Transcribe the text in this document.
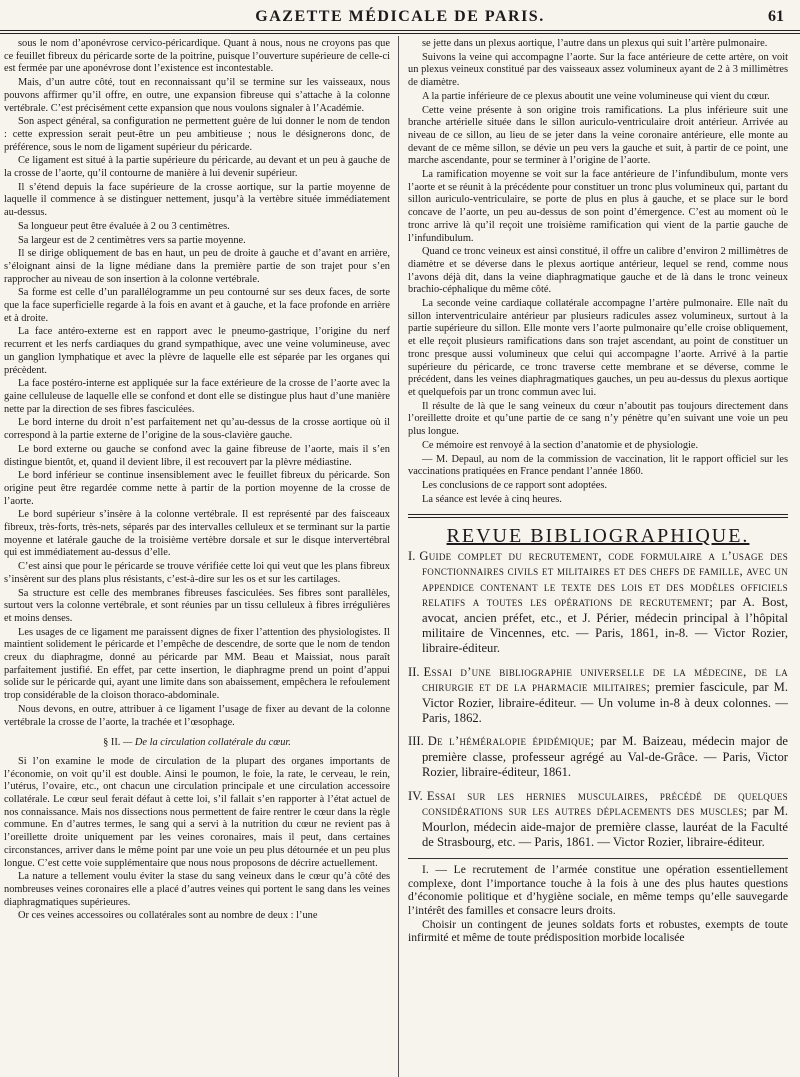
GAZETTE MÉDICALE DE PARIS.	61

sous le nom d’aponévrose cervico-péricardique. Quant à nous, nous ne croyons pas que ce feuillet fibreux du péricarde sorte de la poitrine, puisque l’ouverture supérieure de celle-ci est fermée par une aponévrose dont l’existence est incontestable.

Mais, d’un autre côté, tout en reconnaissant qu’il se termine sur les vaisseaux, nous pouvons affirmer qu’il offre, en outre, une expansion fibreuse qui s’attache à la colonne vertébrale. C’est précisément cette expansion que nous voulons signaler à l’Académie.

Son aspect général, sa configuration ne permettent guère de lui donner le nom de tendon : cette expression serait peut-être un peu ambitieuse ; nous le désignerons donc, de préférence, sous le nom de ligament supérieur du péricarde.

Ce ligament est situé à la partie supérieure du péricarde, au devant et un peu à gauche de la crosse de l’aorte, qu’il contourne de manière à lui devenir supérieur.

Il s’étend depuis la face supérieure de la crosse aortique, sur la partie moyenne de laquelle il commence à se distinguer nettement, jusqu’à la vertèbre située immédiatement au-dessus.

Sa longueur peut être évaluée à 2 ou 3 centimètres.

Sa largeur est de 2 centimètres vers sa partie moyenne.

Il se dirige obliquement de bas en haut, un peu de droite à gauche et d’avant en arrière, s’éloignant ainsi de la ligne médiane dans la première partie de son trajet pour s’en rapprocher au niveau de son insertion à la colonne vertébrale.

Sa forme est celle d’un parallélogramme un peu contourné sur ses deux faces, de sorte que la face superficielle regarde à la fois en avant et à gauche, et la face profonde en arrière et à droite.

La face antéro-externe est en rapport avec le pneumo-gastrique, l’origine du nerf recurrent et les nerfs cardiaques du grand sympathique, avec une veine volumineuse, avec un ganglion lymphatique et avec la plèvre de laquelle elle est séparée par les organes qui précèdent.

La face postéro-interne est appliquée sur la face extérieure de la crosse de l’aorte avec la gaine celluleuse de laquelle elle se confond et dont elle se distingue plus haut d’une manière nette par la direction de ses fibres fasciculées.

Le bord interne du droit n’est parfaitement net qu’au-dessus de la crosse aortique où il correspond à la partie externe de l’origine de la sous-clavière gauche.

Le bord externe ou gauche se confond avec la gaine fibreuse de l’aorte, mais il s’en distingue bientôt, et, quand il devient libre, il est recouvert par la plèvre médiastine.

Le bord inférieur se continue insensiblement avec le feuillet fibreux du péricarde. Son origine peut être regardée comme nette à partir de la portion moyenne de la crosse de l’aorte.

Le bord supérieur s’insère à la colonne vertébrale. Il est représenté par des faisceaux fibreux, très-forts, très-nets, séparés par des intervalles celluleux et se terminant sur la partie moyenne et latérale gauche de la troisième vertèbre dorsale et sur le disque intervertébral qui est immédiatement au-dessus d’elle.

C’est ainsi que pour le péricarde se trouve vérifiée cette loi qui veut que les plans fibreux s’insèrent sur des plans plus résistants, c’est-à-dire sur les os et sur les cartilages.

Sa structure est celle des membranes fibreuses fasciculées. Ses fibres sont parallèles, surtout vers la colonne vertébrale, et sont réunies par un tissu celluleux à fibres irrégulières et moins denses.

Les usages de ce ligament me paraissent dignes de fixer l’attention des physiologistes. Il maintient solidement le péricarde et l’empêche de descendre, de sorte que le nom de tendon creux du diaphragme, donné au péricarde par MM. Beau et Maissiat, nous paraît parfaitement justifié. En effet, par cette insertion, le diaphragme prend un point d’appui solide sur le péricarde qui, ayant une limite dans son abaissement, empêchera le refoulement trop considérable de la cloison thoraco-abdominale.

Nous devons, en outre, attribuer à ce ligament l’usage de fixer au devant de la colonne vertébrale la crosse de l’aorte, la trachée et l’œsophage.

§ II. — De la circulation collatérale du cœur.

Si l’on examine le mode de circulation de la plupart des organes importants de l’économie, on voit qu’il est double. Ainsi le poumon, le foie, la rate, le cerveau, le rein, l’utérus, l’ovaire, etc., ont chacun une circulation principale et une circulation accessoire collatérale. Le cœur seul ferait défaut à cette loi, s’il fallait s’en rapporter à l’état actuel de nos connaissance. Mais nos dissections nous permettent de faire rentrer le cœur dans la règle commune. En d’autres termes, le sang qui a servi à la nutrition du cœur ne revient pas à l’oreillette droite uniquement par les veines coronaires, mais il peut, dans certaines circonstances, arriver dans le même point par une voie un peu plus détournée et un peu plus longue. C’est cette voie supplémentaire que nous nous proposons de décrire actuellement.

La nature a tellement voulu éviter la stase du sang veineux dans le cœur qu’à côté des nombreuses veines coronaires elle a placé d’autres veines qui portent le sang dans les veines diaphragmatiques supérieures.

Or ces veines accessoires ou collatérales sont au nombre de deux : l’une

se jette dans un plexus aortique, l’autre dans un plexus qui suit l’artère pulmonaire.

Suivons la veine qui accompagne l’aorte. Sur la face antérieure de cette artère, on voit un plexus veineux constitué par des vaisseaux assez volumineux ayant de 2 à 3 millimètres de diamètre.

A la partie inférieure de ce plexus aboutit une veine volumineuse qui vient du cœur.

Cette veine présente à son origine trois ramifications. La plus inférieure suit une branche artérielle située dans le sillon auriculo-ventriculaire droit antérieur. Arrivée au niveau de ce sillon, au lieu de se jeter dans la veine coronaire antérieure, elle monte au devant de ce même sillon, se dévie un peu vers la gauche et suit, à partir de ce point, une marche ascendante, pour se terminer à l’origine de l’aorte.

La ramification moyenne se voit sur la face antérieure de l’infundibulum, monte vers l’aorte et se réunit à la précédente pour constituer un tronc plus volumineux qui, partant du sillon auriculo-ventriculaire, se porte de plus en plus à gauche, et se place sur le bord concave de l’aorte, un peu au-dessus de son point d’émergence. C’est au moment où le tronc arrive là qu’il reçoit une troisième ramification qui vient de la partie gauche de l’infundibulum.

Quand ce tronc veineux est ainsi constitué, il offre un calibre d’environ 2 millimètres de diamètre et se déverse dans le plexus aortique antérieur, lequel se rend, comme nous l’avons déjà dit, dans la veine diaphragmatique gauche et de là dans le tronc veineux brachio-céphalique du même côté.

La seconde veine cardiaque collatérale accompagne l’artère pulmonaire. Elle naît du sillon interventriculaire antérieur par plusieurs radicules assez volumineux, surtout à la partie supérieure du sillon. Elle monte vers l’aorte pulmonaire qu’elle croise obliquement, et elle reçoit plusieurs ramifications dans son trajet ascendant, au point de constituer un tronc presque aussi volumineux que celui qui accompagne l’aorte. Arrivé à la partie supérieure du péricarde, ce tronc traverse cette membrane et se déverse, comme le précédent, dans les veines diaphragmatiques gauches, un peu au-dessus du plexus aortique et quelquefois par un tronc commun avec lui.

Il résulte de là que le sang veineux du cœur n’aboutit pas toujours directement dans l’oreillette droite et qu’une partie de ce sang n’y pénètre qu’en suivant une voie un peu plus longue.

Ce mémoire est renvoyé à la section d’anatomie et de physiologie.

— M. Depaul, au nom de la commission de vaccination, lit le rapport officiel sur les vaccinations pratiquées en France pendant l’année 1860.

Les conclusions de ce rapport sont adoptées.

La séance est levée à cinq heures.

REVUE BIBLIOGRAPHIQUE.
I. Guide complet du recrutement, code formulaire a l’usage des fonctionnaires civils et militaires et des chefs de famille, avec un appendice contenant le texte des lois et des modèles officiels relatifs a toutes les opérations de recrutement; par A. Bost, avocat, ancien préfet, etc., et J. Périer, médecin principal à l’hôpital militaire de Vincennes, etc. — Paris, 1861, in-8. — Victor Rozier, libraire-éditeur.
II. Essai d’une bibliographie universelle de la médecine, de la chirurgie et de la pharmacie militaires; premier fascicule, par M. Victor Rozier, libraire-éditeur. — Un volume in-8 à deux colonnes. — Paris, 1862.
III. De l’héméralopie épidémique; par M. Baizeau, médecin major de première classe, professeur agrégé au Val-de-Grâce. — Paris, Victor Rozier, libraire-éditeur, 1861.
IV. Essai sur les hernies musculaires, précédé de quelques considérations sur les autres déplacements des muscles; par M. Mourlon, médecin aide-major de première classe, lauréat de la Faculté de Strasbourg, etc. — Paris, 1861. — Victor Rozier, libraire-éditeur.

I. — Le recrutement de l’armée constitue une opération essentiellement complexe, dont l’importance touche à la fois à une des plus hautes questions d’économie politique et d’hygiène sociale, en même temps qu’elle sauvegarde l’intérêt des familles et consacre leurs droits.

Choisir un contingent de jeunes soldats forts et robustes, exempts de toute infirmité et même de toute prédisposition morbide localisée
